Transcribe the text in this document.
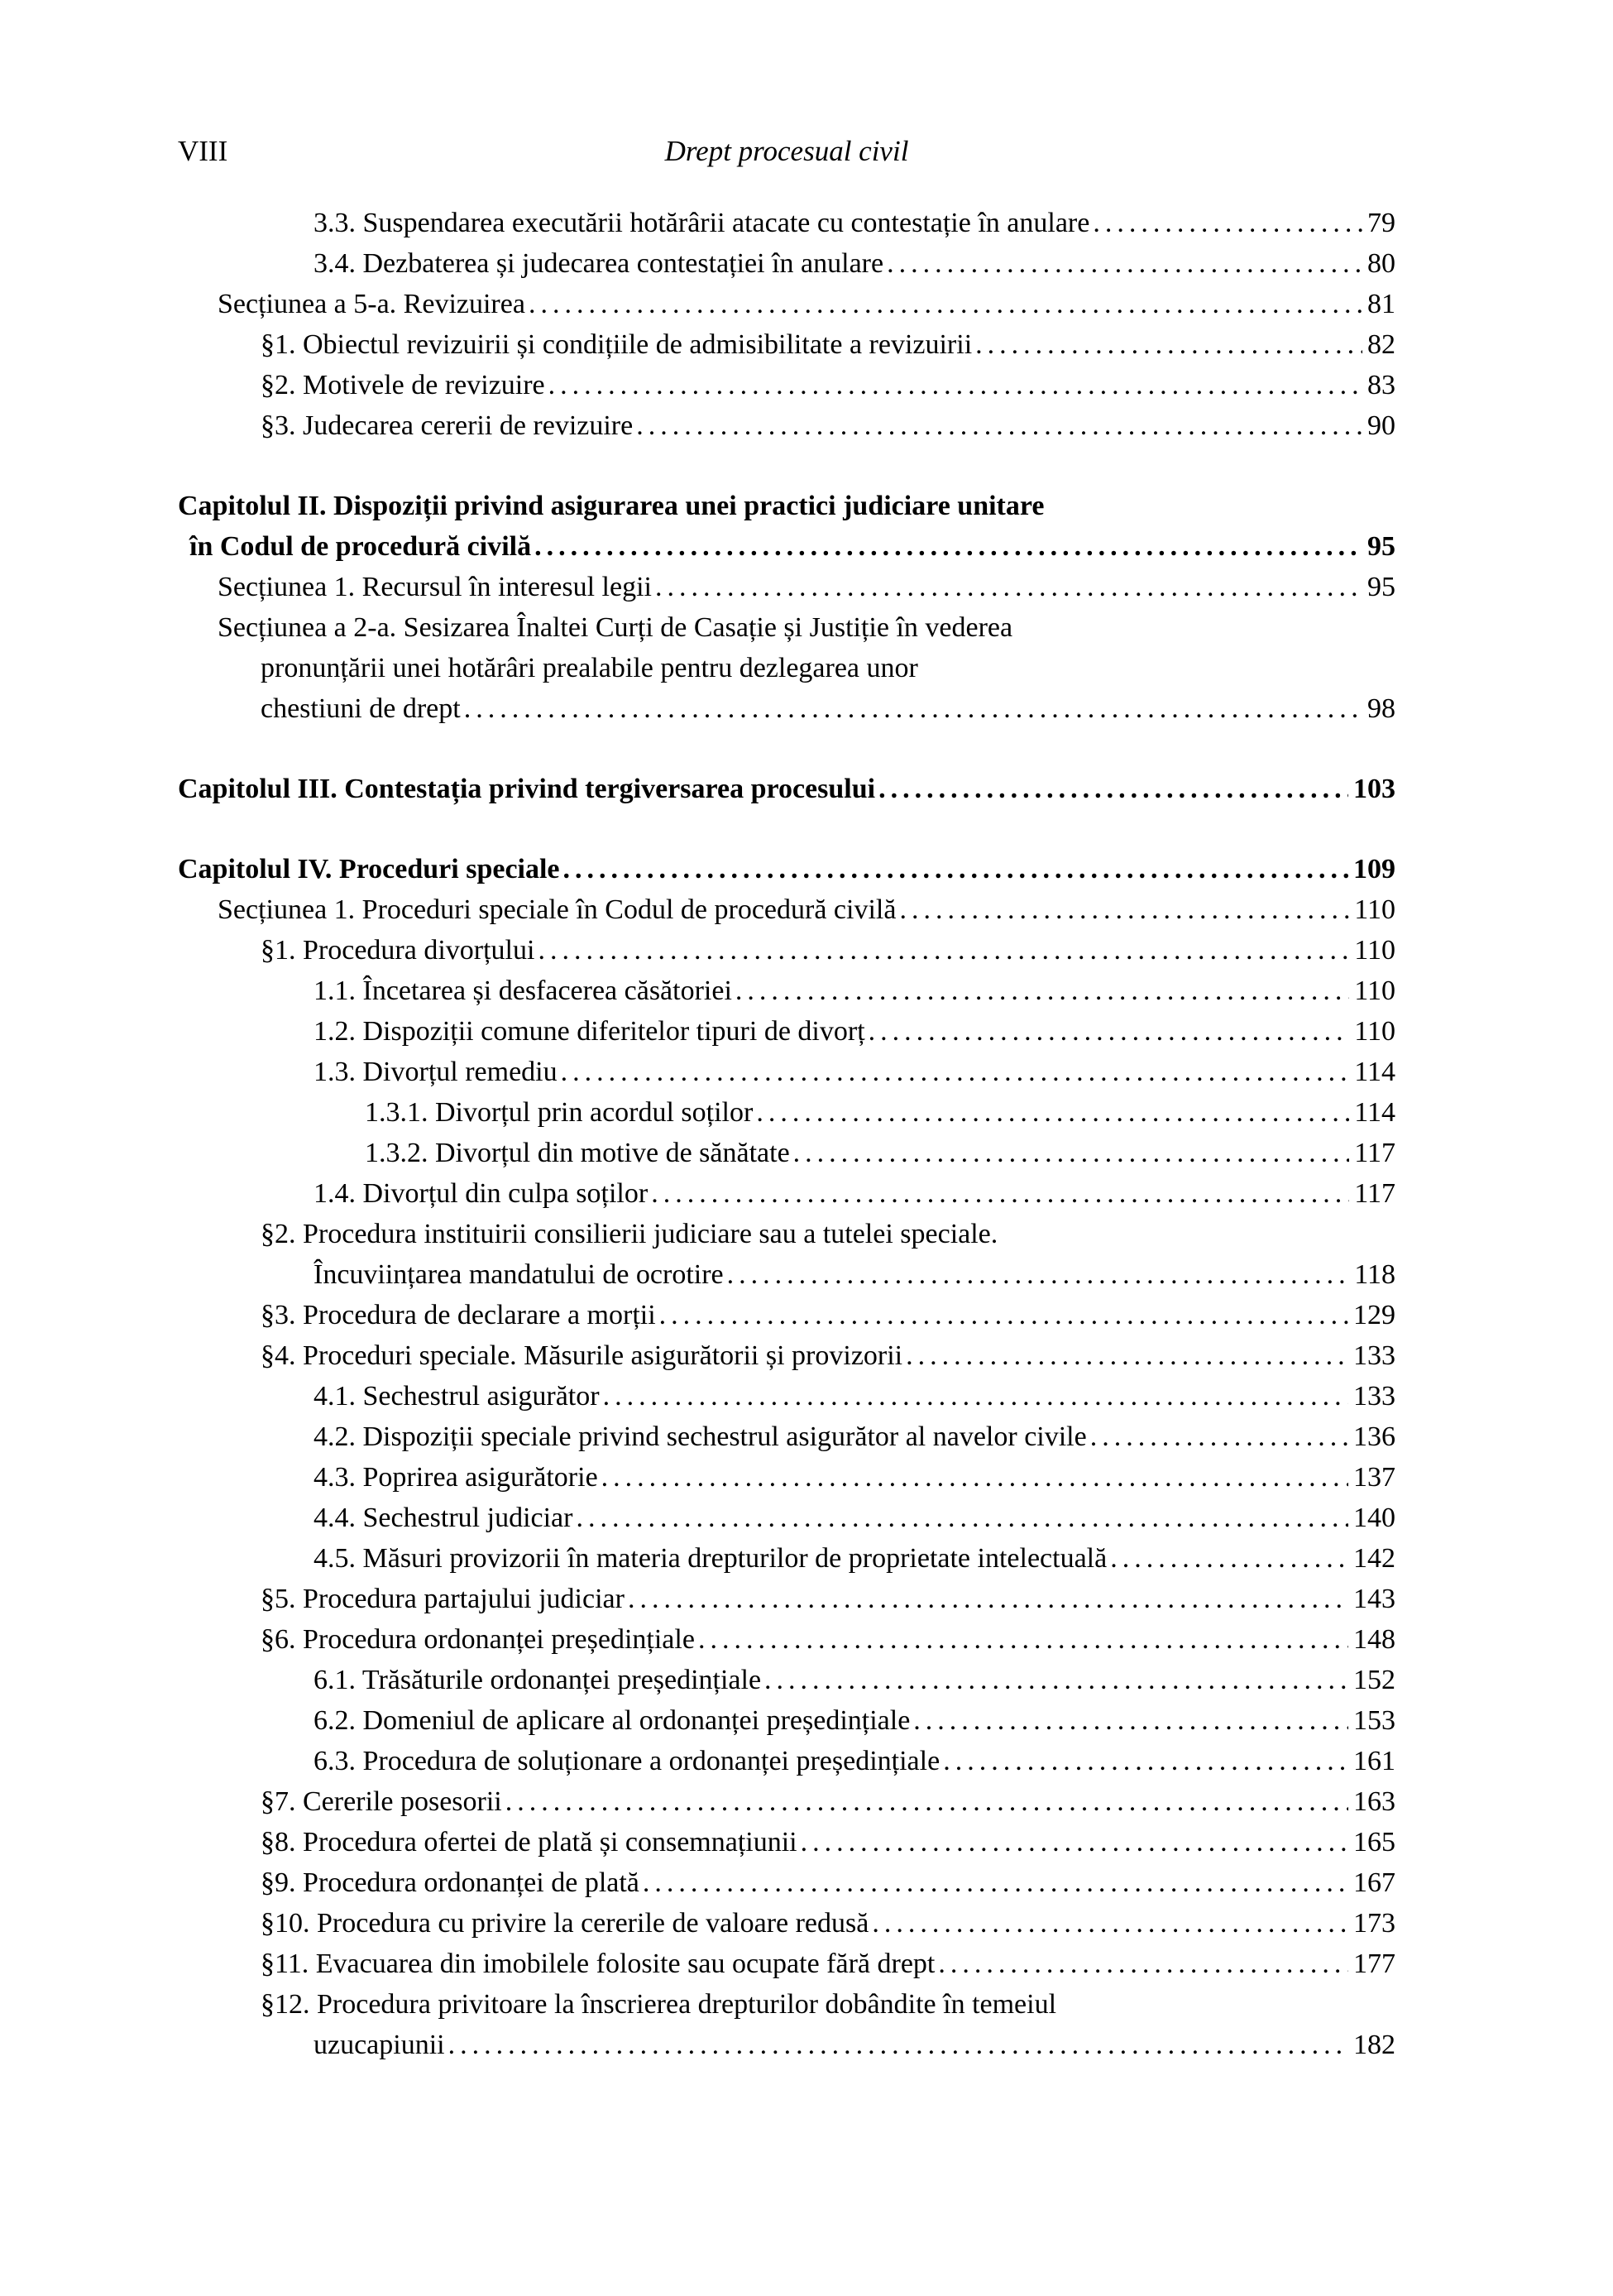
VIII	Drept procesual civil
3.3. Suspendarea executării hotărârii atacate cu contestație în anulare .....	79
3.4. Dezbaterea și judecarea contestației în anulare .....	80
Secțiunea a 5-a. Revizuirea .....	81
§1. Obiectul revizuirii și condițiile de admisibilitate a revizuirii .....	82
§2. Motivele de revizuire .....	83
§3. Judecarea cererii de revizuire .....	90
Capitolul II. Dispoziții privind asigurarea unei practici judiciare unitare
în Codul de procedură civilă .....	95
Secțiunea 1. Recursul în interesul legii .....	95
Secțiunea a 2-a. Sesizarea Înaltei Curți de Casație și Justiție în vederea
pronunțării unei hotărâri prealabile pentru dezlegarea unor
chestiuni de drept .....	98
Capitolul III. Contestația privind tergiversarea procesului .....	103
Capitolul IV. Proceduri speciale .....	109
Secțiunea 1. Proceduri speciale în Codul de procedură civilă .....	110
§1. Procedura divorțului .....	110
1.1. Încetarea și desfacerea căsătoriei .....	110
1.2. Dispoziții comune diferitelor tipuri de divorț .....	110
1.3. Divorțul remediu .....	114
1.3.1. Divorțul prin acordul soților .....	114
1.3.2. Divorțul din motive de sănătate .....	117
1.4. Divorțul din culpa soților .....	117
§2. Procedura instituirii consilierii judiciare sau a tutelei speciale.
Încuviințarea mandatului de ocrotire .....	118
§3. Procedura de declarare a morții .....	129
§4. Proceduri speciale. Măsurile asigurătorii și provizorii .....	133
4.1. Sechestrul asigurător .....	133
4.2. Dispoziții speciale privind sechestrul asigurător al navelor civile .....	136
4.3. Poprirea asigurătorie .....	137
4.4. Sechestrul judiciar .....	140
4.5. Măsuri provizorii în materia drepturilor de proprietate intelectuală .....	142
§5. Procedura partajului judiciar .....	143
§6. Procedura ordonanței președințiale .....	148
6.1. Trăsăturile ordonanței președințiale .....	152
6.2. Domeniul de aplicare al ordonanței președințiale .....	153
6.3. Procedura de soluționare a ordonanței președințiale .....	161
§7. Cererile posesorii .....	163
§8. Procedura ofertei de plată și consemnațiunii .....	165
§9. Procedura ordonanței de plată .....	167
§10. Procedura cu privire la cererile de valoare redusă .....	173
§11. Evacuarea din imobilele folosite sau ocupate fără drept .....	177
§12. Procedura privitoare la înscrierea drepturilor dobândite în temeiul
uzucapiunii .....	182
